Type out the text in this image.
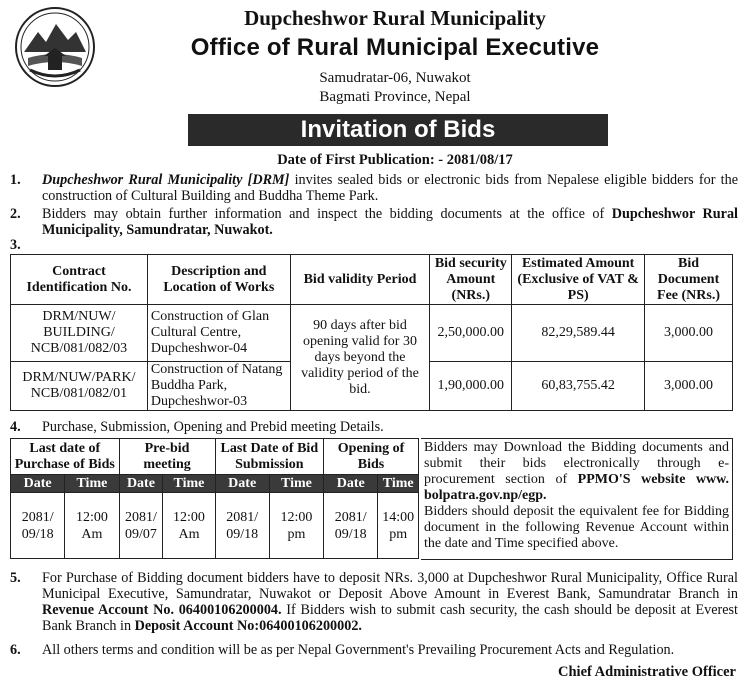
Dupcheshwor Rural Municipality
Office of Rural Municipal Executive
Samudratar-06, Nuwakot
Bagmati Province, Nepal
Invitation of Bids
Date of First Publication: - 2081/08/17
1. Dupcheshwor Rural Municipality [DRM] invites sealed bids or electronic bids from Nepalese eligible bidders for the construction of Cultural Building and Buddha Theme Park.
2. Bidders may obtain further information and inspect the bidding documents at the office of Dupcheshwor Rural Municipality, Samundratar, Nuwakot.
3.
Contract Identification No.	Description and Location of Works	Bid validity Period	Bid security Amount (NRs.)	Estimated Amount (Exclusive of VAT & PS)	Bid Document Fee (NRs.)
DRM/NUW/ BUILDING/ NCB/081/082/03	Construction of Glan Cultural Centre, Dupcheshwor-04	90 days after bid opening valid for 30 days beyond the validity period of the bid.	2,50,000.00	82,29,589.44	3,000.00
DRM/NUW/PARK/ NCB/081/082/01	Construction of Natang Buddha Park, Dupcheshwor-03		1,90,000.00	60,83,755.42	3,000.00
4. Purchase, Submission, Opening and Prebid meeting Details.
Last date of Purchase of Bids		Pre-bid meeting		Last Date of Bid Submission		Opening of Bids	
Date	Time	Date	Time	Date	Time	Date	Time
2081/ 09/18	12:00 Am	2081/ 09/07	12:00 Am	2081/ 09/18	12:00 pm	2081/ 09/18	14:00 pm
Bidders may Download the Bidding documents and submit their bids electronically through e-procurement section of PPMO'S website www. bolpatra.gov.np/egp.
Bidders should deposit the equivalent fee for Bidding document in the following Revenue Account within the date and Time specified above.
5. For Purchase of Bidding document bidders have to deposit NRs. 3,000 at Dupcheshwor Rural Municipality, Office Rural Municipal Executive, Samundratar, Nuwakot or Deposit Above Amount in Everest Bank, Samundratar Branch in Revenue Account No. 06400106200004. If Bidders wish to submit cash security, the cash should be deposit at Everest Bank Branch in Deposit Account No:06400106200002.
6. All others terms and condition will be as per Nepal Government's Prevailing Procurement Acts and Regulation.
Chief Administrative Officer
